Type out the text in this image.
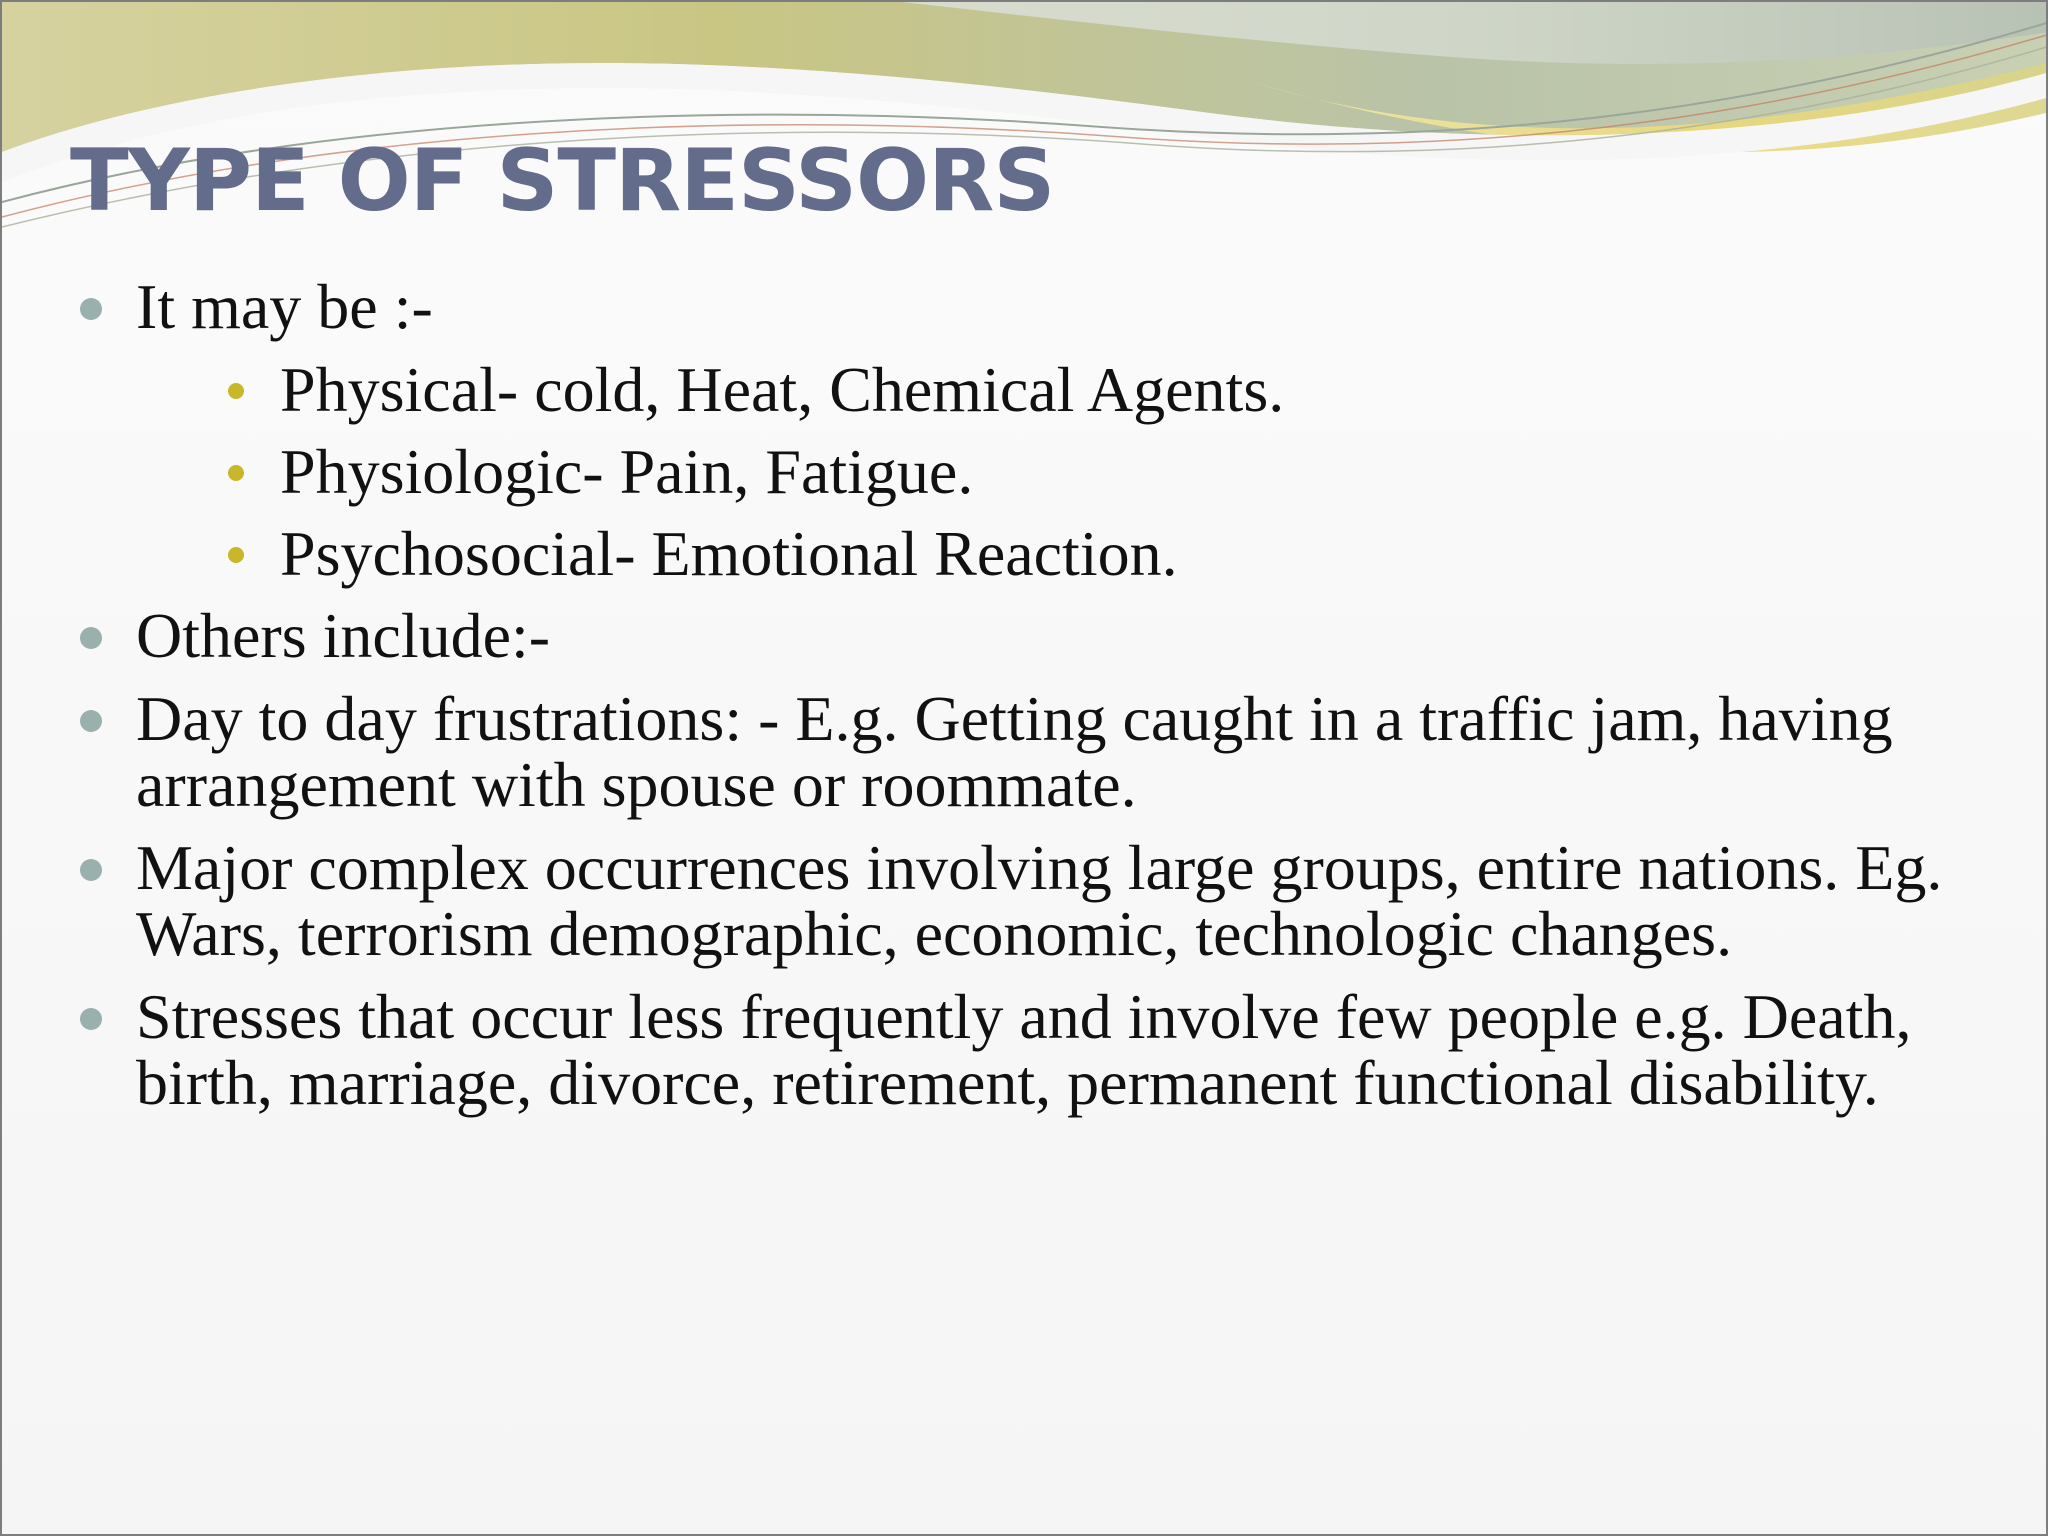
TYPE OF STRESSORS
It may be :-
Physical- cold, Heat, Chemical Agents.
Physiologic- Pain, Fatigue.
Psychosocial- Emotional Reaction.
Others include:-
Day to day frustrations: - E.g. Getting caught in a traffic jam, having arrangement with spouse or roommate.
Major complex occurrences involving large groups, entire nations. Eg. Wars, terrorism demographic, economic, technologic changes.
Stresses that occur less frequently and involve few people e.g. Death, birth, marriage, divorce, retirement, permanent functional disability.
